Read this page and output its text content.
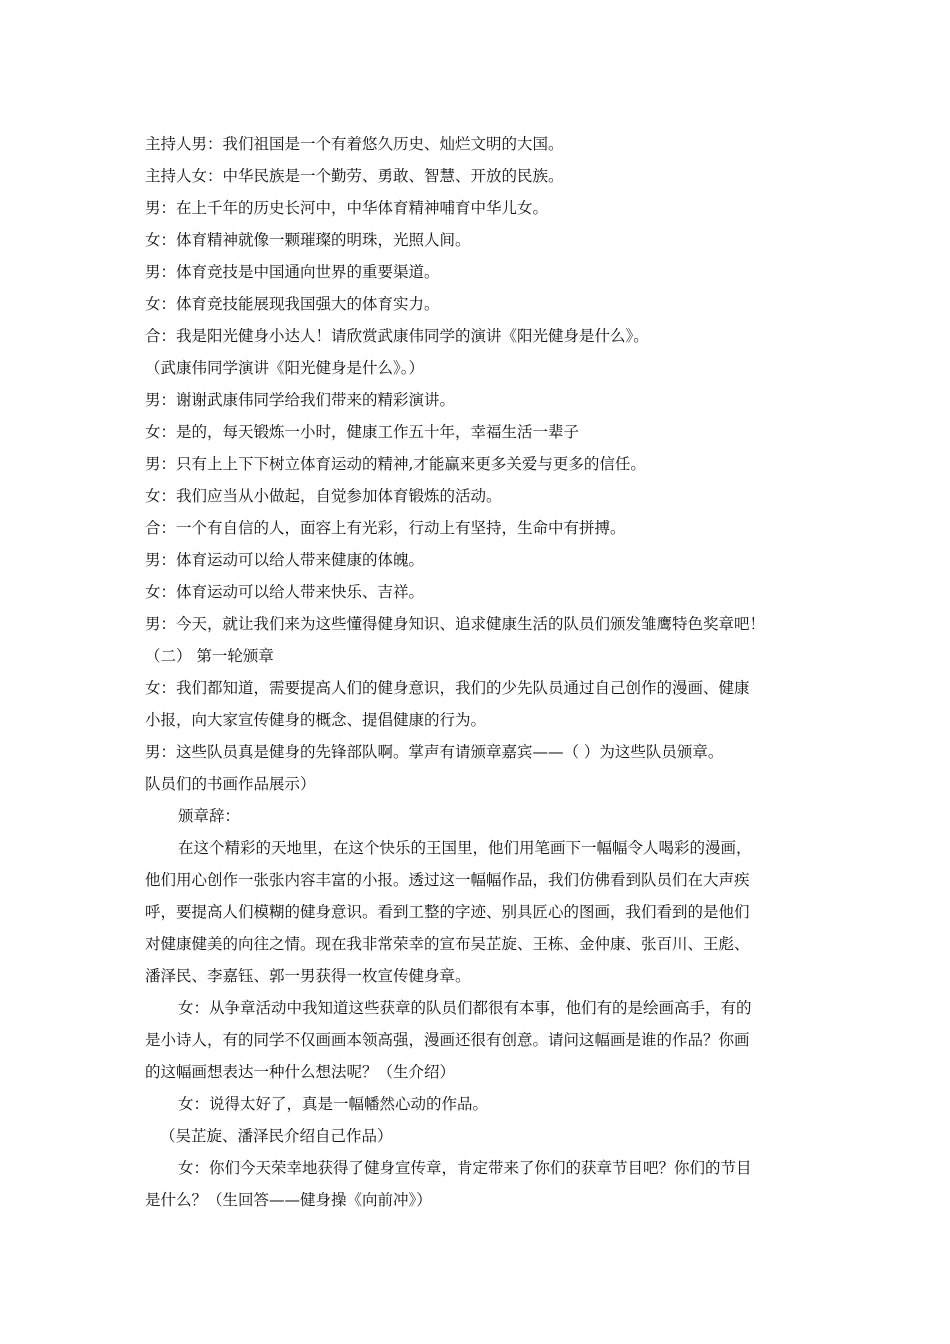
主持人男：我们祖国是一个有着悠久历史、灿烂文明的大国。
主持人女：中华民族是一个勤劳、勇敢、智慧、开放的民族。
男：在上千年的历史长河中，中华体育精神哺育中华儿女。
女：体育精神就像一颗璀璨的明珠，光照人间。
男：体育竞技是中国通向世界的重要渠道。
女：体育竞技能展现我国强大的体育实力。
合：我是阳光健身小达人！请欣赏武康伟同学的演讲《阳光健身是什么》。
（武康伟同学演讲《阳光健身是什么》。）
男：谢谢武康伟同学给我们带来的精彩演讲。
女：是的，每天锻炼一小时，健康工作五十年，幸福生活一辈子
男：只有上上下下树立体育运动的精神,才能赢来更多关爱与更多的信任。
女：我们应当从小做起，自觉参加体育锻炼的活动。
合：一个有自信的人，面容上有光彩，行动上有坚持，生命中有拼搏。
男：体育运动可以给人带来健康的体魄。
女：体育运动可以给人带来快乐、吉祥。
男：今天，就让我们来为这些懂得健身知识、追求健康生活的队员们颁发雏鹰特色奖章吧！
（二） 第一轮颁章
女：我们都知道，需要提高人们的健身意识，我们的少先队员通过自己创作的漫画、健康
小报，向大家宣传健身的概念、提倡健康的行为。
男：这些队员真是健身的先锋部队啊。掌声有请颁章嘉宾——（ ）为这些队员颁章。
队员们的书画作品展示）
颁章辞：
在这个精彩的天地里，在这个快乐的王国里，他们用笔画下一幅幅令人喝彩的漫画，
他们用心创作一张张内容丰富的小报。透过这一幅幅作品，我们仿佛看到队员们在大声疾
呼，要提高人们模糊的健身意识。看到工整的字迹、别具匠心的图画，我们看到的是他们
对健康健美的向往之情。现在我非常荣幸的宣布吴芷旋、王栋、金仲康、张百川、王彪、
潘泽民、李嘉钰、郭一男获得一枚宣传健身章。
女：从争章活动中我知道这些获章的队员们都很有本事，他们有的是绘画高手，有的
是小诗人，有的同学不仅画画本领高强，漫画还很有创意。请问这幅画是谁的作品？你画
的这幅画想表达一种什么想法呢？（生介绍）
女：说得太好了，真是一幅幡然心动的作品。
（吴芷旋、潘泽民介绍自己作品）
女：你们今天荣幸地获得了健身宣传章，肯定带来了你们的获章节目吧？你们的节目
是什么？（生回答——健身操《向前冲》）
